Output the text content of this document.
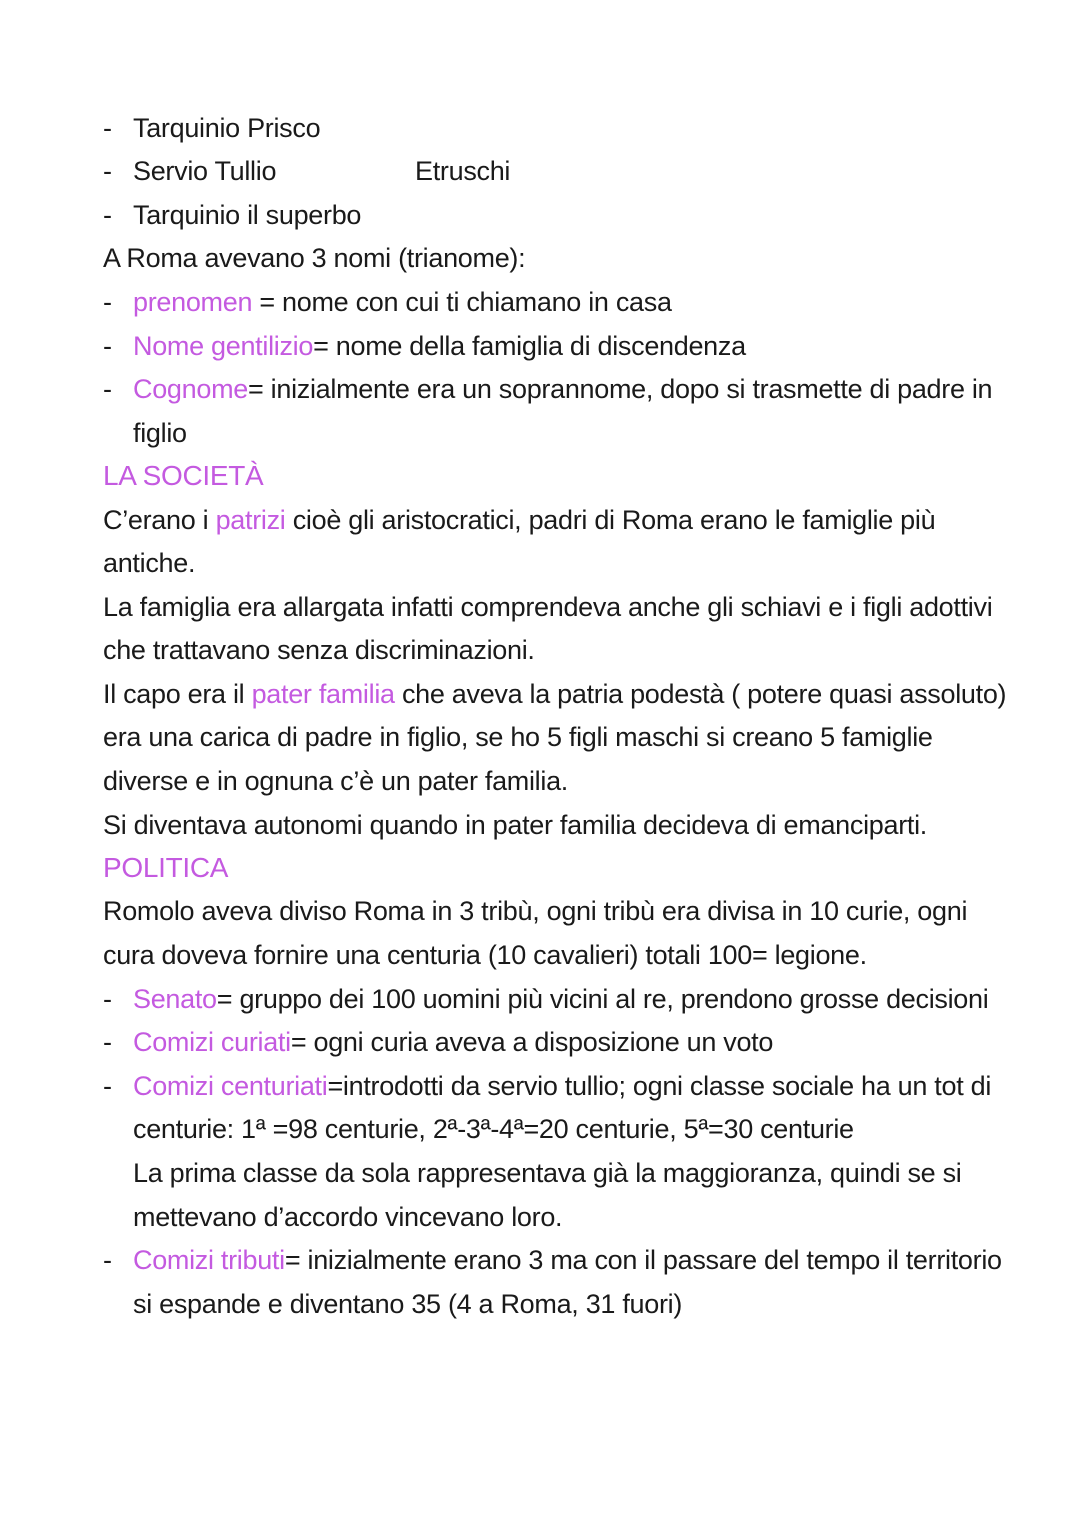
- Tarquinio Prisco
- Servio Tullio	Etruschi
- Tarquinio il superbo
A Roma avevano 3 nomi (trianome):
- prenomen = nome con cui ti chiamano in casa
- Nome gentilizio= nome della famiglia di discendenza
- Cognome= inizialmente era un soprannome, dopo si trasmette di padre in
figlio
LA SOCIETÀ
C’erano i patrizi cioè gli aristocratici, padri di Roma erano le famiglie più
antiche.
La famiglia era allargata infatti comprendeva anche gli schiavi e i figli adottivi
che trattavano senza discriminazioni.
Il capo era il pater familia che aveva la patria podestà ( potere quasi assoluto)
era una carica di padre in figlio, se ho 5 figli maschi si creano 5 famiglie
diverse e in ognuna c’è un pater familia.
Si diventava autonomi quando in pater familia decideva di emanciparti.
POLITICA
Romolo aveva diviso Roma in 3 tribù, ogni tribù era divisa in 10 curie, ogni
cura doveva fornire una centuria (10 cavalieri) totali 100= legione.
- Senato= gruppo dei 100 uomini più vicini al re, prendono grosse decisioni
- Comizi curiati= ogni curia aveva a disposizione un voto
- Comizi centuriati=introdotti da servio tullio; ogni classe sociale ha un tot di
centurie: 1ª =98 centurie, 2ª-3ª-4ª=20 centurie, 5ª=30 centurie
La prima classe da sola rappresentava già la maggioranza, quindi se si
mettevano d’accordo vincevano loro.
- Comizi tributi= inizialmente erano 3 ma con il passare del tempo il territorio
si espande e diventano 35 (4 a Roma, 31 fuori)
